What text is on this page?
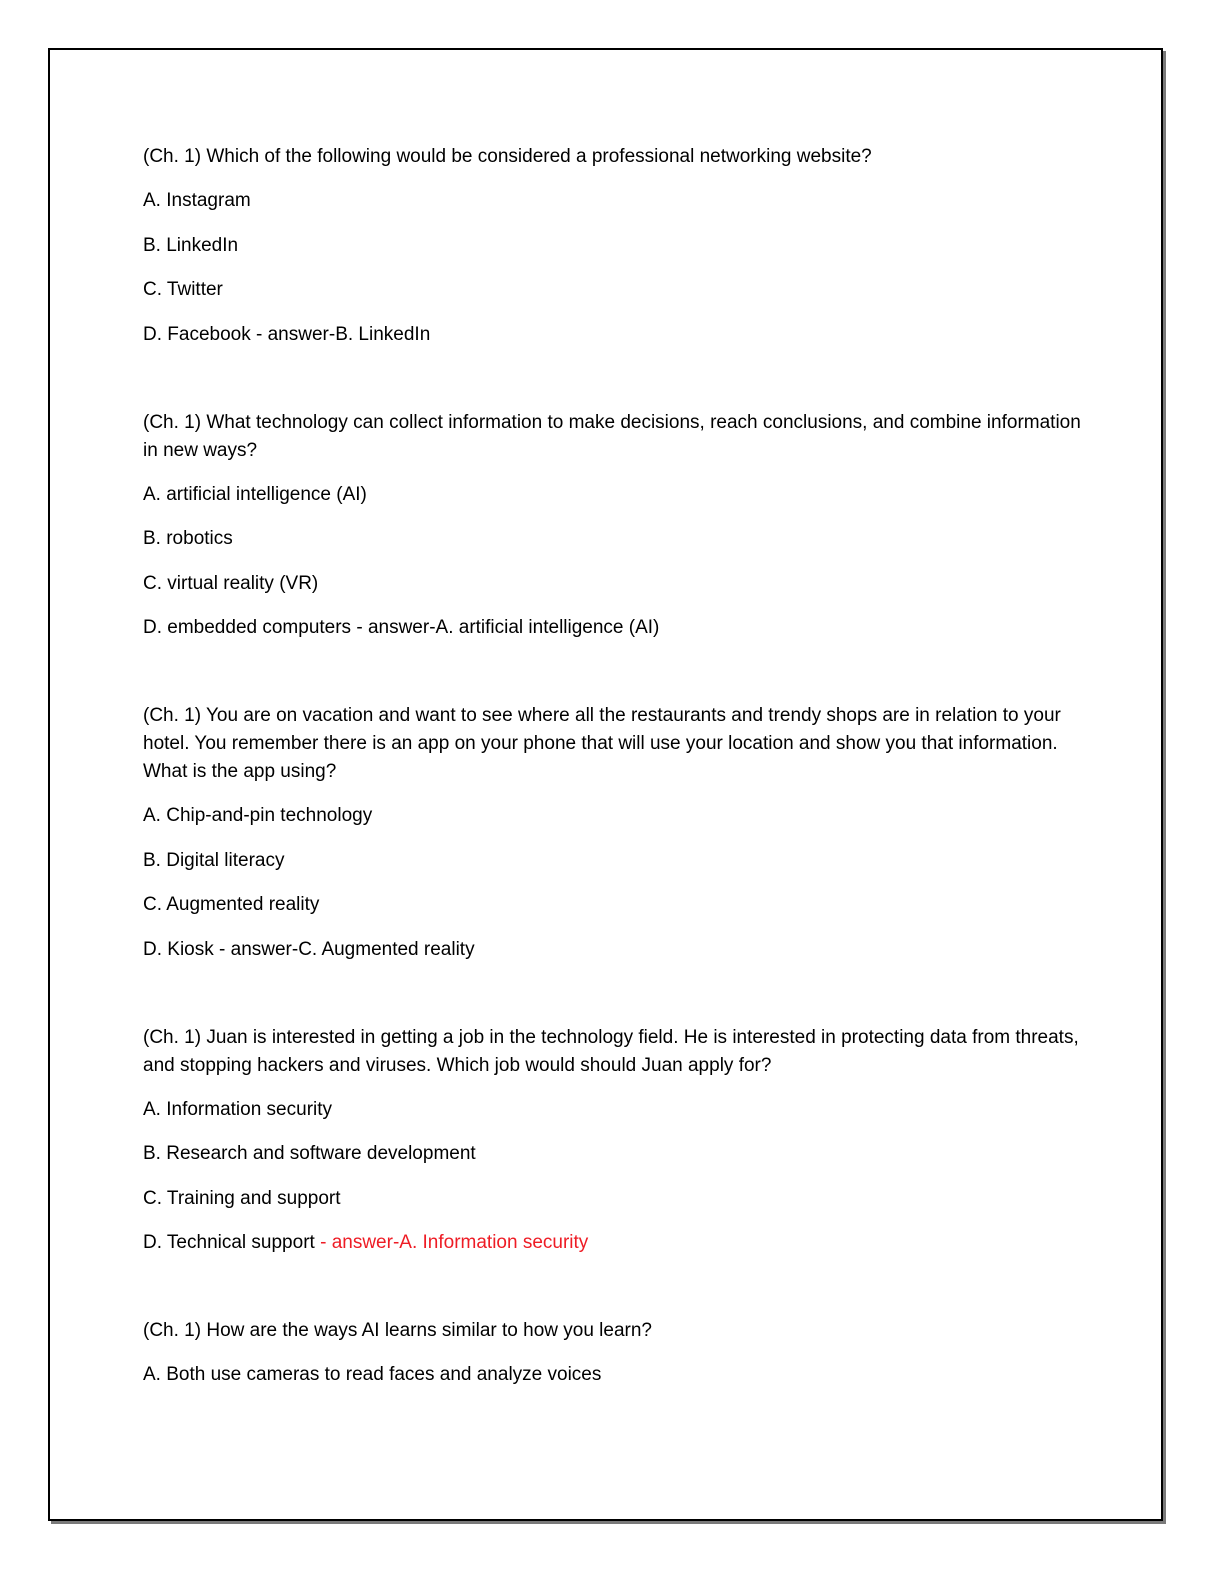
(Ch. 1) Which of the following would be considered a professional networking website?

A. Instagram

B. LinkedIn

C. Twitter

D. Facebook - answer-B. LinkedIn

(Ch. 1) What technology can collect information to make decisions, reach conclusions, and combine information in new ways?

A. artificial intelligence (AI)

B. robotics

C. virtual reality (VR)

D. embedded computers - answer-A. artificial intelligence (AI)

(Ch. 1) You are on vacation and want to see where all the restaurants and trendy shops are in relation to your hotel. You remember there is an app on your phone that will use your location and show you that information. What is the app using?

A. Chip-and-pin technology

B. Digital literacy

C. Augmented reality

D. Kiosk - answer-C. Augmented reality

(Ch. 1) Juan is interested in getting a job in the technology field. He is interested in protecting data from threats, and stopping hackers and viruses. Which job would should Juan apply for?

A. Information security

B. Research and software development

C. Training and support

D. Technical support - answer-A. Information security

(Ch. 1) How are the ways AI learns similar to how you learn?

A. Both use cameras to read faces and analyze voices
